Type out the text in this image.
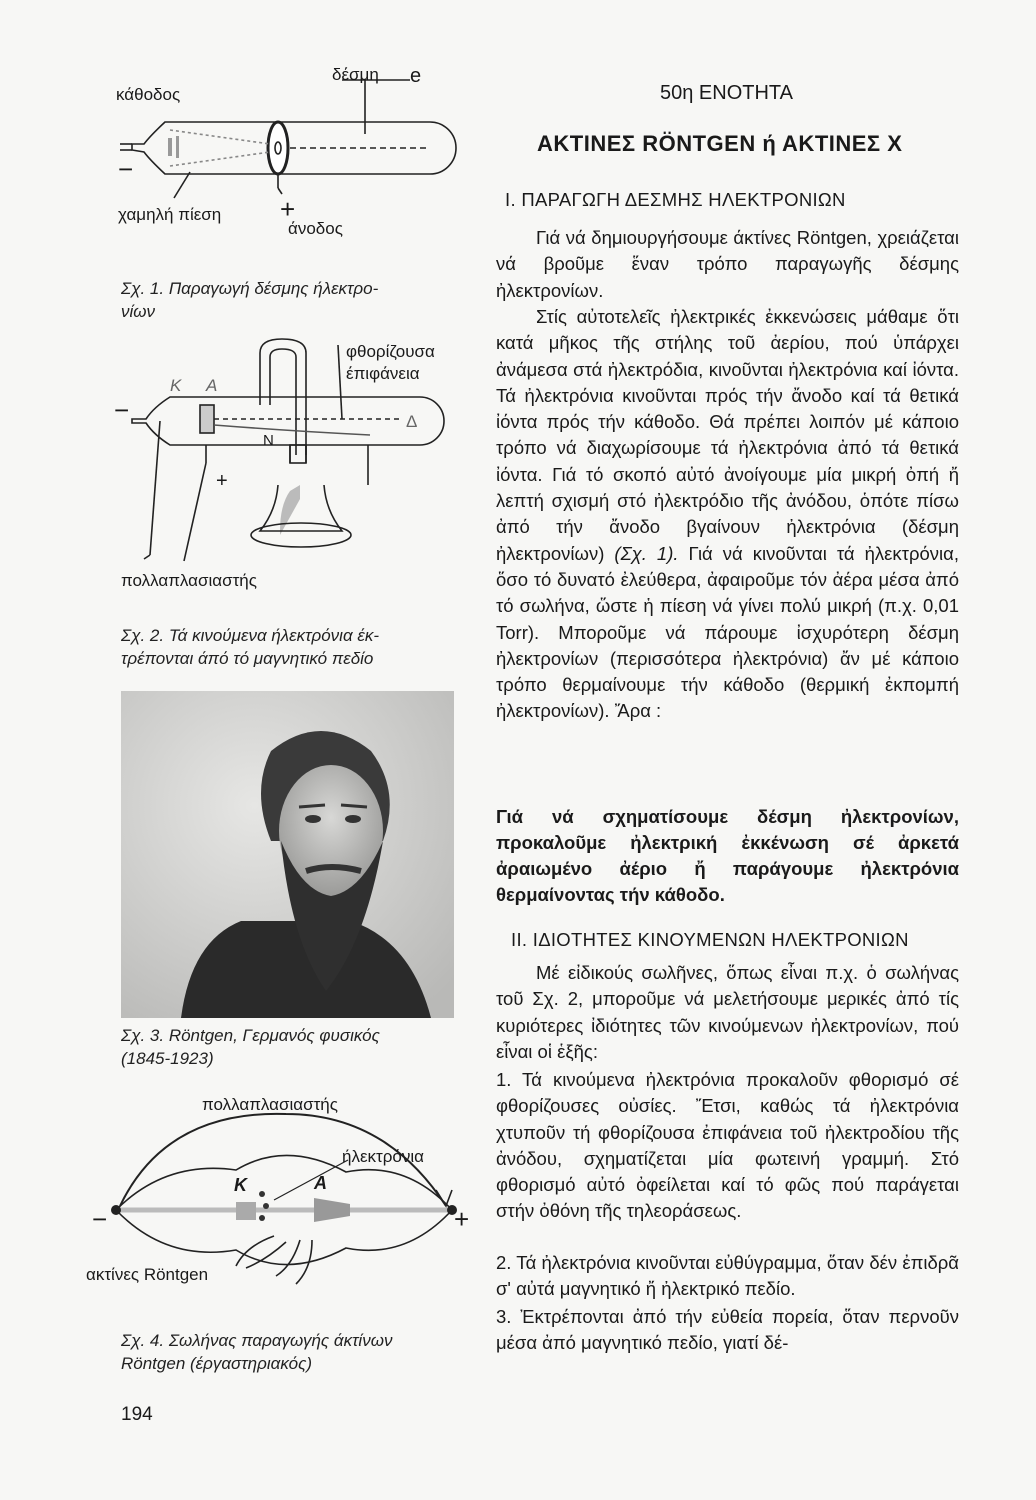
κάθοδος
δέσμη e
−
χαμηλή πίεση +
άνοδος
Σχ. 1. Παραγωγή δέσμης ήλεκτρο-
νίων
φθορίζουσα
έπιφάνεια
Κ Α
N
Δ
−
+
πολλαπλασιαστής
Σχ. 2. Τά κινούμενα ήλεκτρόνια έκ-
τρέπονται άπό τό μαγνητικό πεδίο
Σχ. 3. Röntgen, Γερμανός φυσικός
(1845-1923)
πολλαπλασιαστής
ήλεκτρόνια
K	A
−	+
ακτίνες Röntgen
Σχ. 4. Σωλήνας παραγωγής άκτίνων
Röntgen (έργαστηριακός)
194
50η ΕΝΟΤΗΤΑ
ΑΚΤΙΝΕΣ RÖNTGEN ή ΑΚΤΙΝΕΣ Χ
Ι. ΠΑΡΑΓΩΓΗ ΔΕΣΜΗΣ ΗΛΕΚΤΡΟΝΙΩΝ

Γιά νά δημιουργήσουμε άκτίνες Röntgen, χρειάζεται νά βροῦμε ἕναν τρόπο παραγωγῆς δέσμης ἠλεκτρονίων.

Στίς αὐτοτελεῖς ἠλεκτρικές ἐκκενώσεις μάθαμε ὅτι κατά μῆκος τῆς στήλης τοῦ ἀερίου, πού ὑπάρχει ἀνάμεσα στά ἠλεκτρόδια, κινοῦνται ἠλεκτρόνια καί ἰόντα. Τά ἠλεκτρόνια κινοῦνται πρός τήν ἄνοδο καί τά θετικά ἰόντα πρός τήν κάθοδο. Θά πρέπει λοιπόν μέ κάποιο τρόπο νά διαχωρίσουμε τά ἠλεκτρόνια ἀπό τά θετικά ἰόντα. Γιά τό σκοπό αὐτό ἀνοίγουμε μία μικρή ὀπή ἤ λεπτή σχισμή στό ἠλεκτρόδιο τῆς ἀνόδου, ὁπότε πίσω ἀπό τήν ἄνοδο βγαίνουν ἠλεκτρόνια (δέσμη ἠλεκτρονίων) (Σχ. 1). Γιά νά κινοῦνται τά ἠλεκτρόνια, ὅσο τό δυνατό ἐλεύθερα, ἀφαιροῦμε τόν ἀέρα μέσα ἀπό τό σωλήνα, ὥστε ἡ πίεση νά γίνει πολύ μικρή (π.χ. 0,01 Torr). Μποροῦμε νά πάρουμε ἰσχυρότερη δέσμη ἠλεκτρονίων (περισσότερα ἠλεκτρόνια) ἄν μέ κάποιο τρόπο θερμαίνουμε τήν κάθοδο (θερμική ἐκπομπή ἠλεκτρονίων). Ἄρα :

Γιά νά σχηματίσουμε δέσμη ἠλεκτρονίων, προκαλοῦμε ἠλεκτρική ἐκκένωση σέ ἀρκετά ἀραιωμένο ἀέριο ἤ παράγουμε ἠλεκτρόνια θερμαίνοντας τήν κάθοδο.

ΙΙ. ΙΔΙΟΤΗΤΕΣ ΚΙΝΟΥΜΕΝΩΝ ΗΛΕΚΤΡΟΝΙΩΝ

Μέ εἰδικούς σωλῆνες, ὅπως εἶναι π.χ. ὁ σωλήνας τοῦ Σχ. 2, μποροῦμε νά μελετήσουμε μερικές ἀπό τίς κυριότερες ἰδιότητες τῶν κινούμενων ἠλεκτρονίων, πού εἶναι οἱ ἑξῆς:

1. Τά κινούμενα ἠλεκτρόνια προκαλοῦν φθορισμό σέ φθορίζουσες οὐσίες. Ἔτσι, καθώς τά ἠλεκτρόνια χτυποῦν τή φθορίζουσα ἐπιφάνεια τοῦ ἠλεκτροδίου τῆς ἀνόδου, σχηματίζεται μία φωτεινή γραμμή. Στό φθορισμό αὐτό ὀφείλεται καί τό φῶς πού παράγεται στήν ὀθόνη τῆς τηλεοράσεως.

2. Τά ἠλεκτρόνια κινοῦνται εὐθύγραμμα, ὅταν δέν ἐπιδρᾶ σ' αὐτά μαγνητικό ἤ ἠλεκτρικό πεδίο.

3. Ἐκτρέπονται ἀπό τήν εὐθεία πορεία, ὅταν περνοῦν μέσα ἀπό μαγνητικό πεδίο, γιατί δέ-
